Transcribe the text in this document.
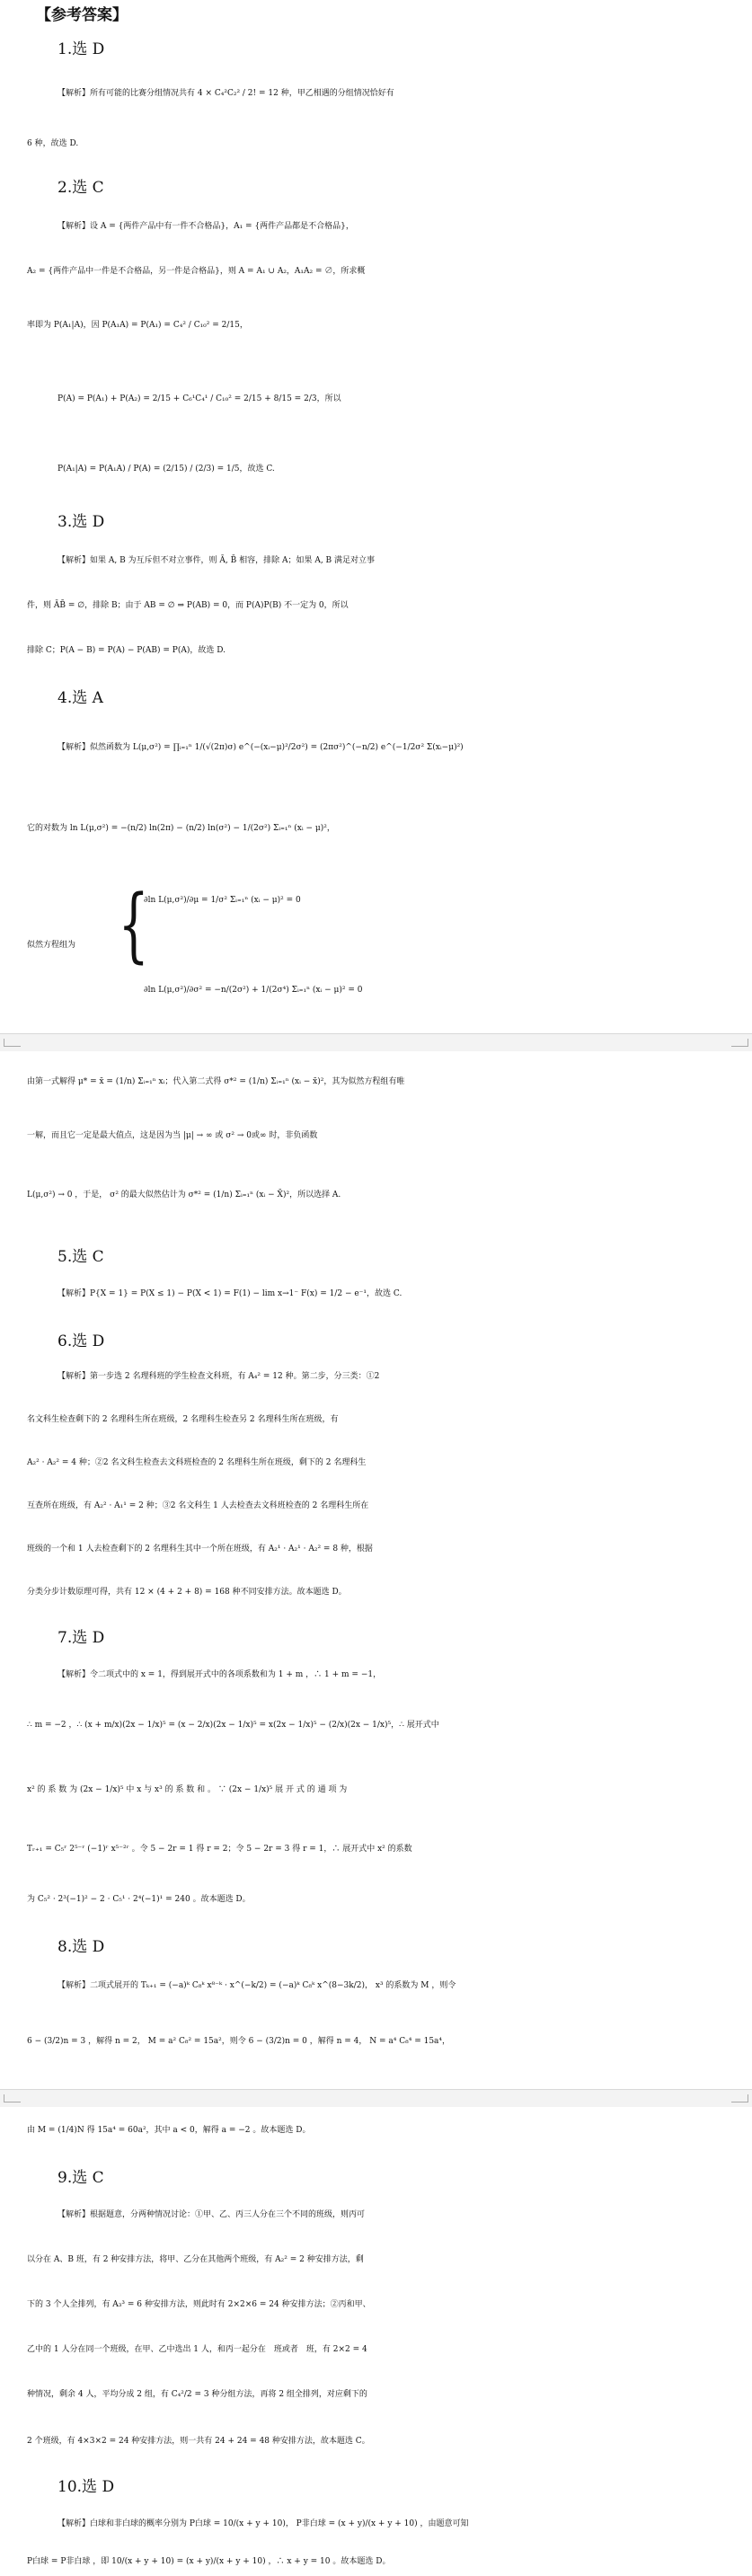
【参考答案】
1.选 D
【解析】所有可能的比赛分组情况共有 4 × C₄²C₂² / 2! = 12 种，甲乙相遇的分组情况恰好有
6 种，故选 D.
2.选 C
【解析】设 A = {两件产品中有一件不合格品}，A₁ = {两件产品都是不合格品}，
A₂ = {两件产品中一件是不合格品，另一件是合格品}，则 A = A₁ ∪ A₂，A₁A₂ = ∅，所求概
率即为 P(A₁|A)，因 P(A₁A) = P(A₁) = C₄² / C₁₀² = 2/15，
P(A) = P(A₁) + P(A₂) = 2/15 + C₆¹C₄¹ / C₁₀² = 2/15 + 8/15 = 2/3，所以
P(A₁|A) = P(A₁A) / P(A) = (2/15) / (2/3) = 1/5，故选 C.
3.选 D
【解析】如果 A, B 为互斥但不对立事件，则 Ā, B̄ 相容，排除 A；如果 A, B 满足对立事
件，则 ĀB̄ = ∅，排除 B；由于 AB = ∅ ⇒ P(AB) = 0，而 P(A)P(B) 不一定为 0，所以
排除 C；P(A − B) = P(A) − P(AB) = P(A)，故选 D.
4.选 A
【解析】似然函数为 L(μ,σ²) = ∏ᵢ₌₁ⁿ 1/(√(2π)σ) e^(−(xᵢ−μ)²/2σ²) = (2πσ²)^(−n/2) e^(−1/2σ² Σ(xᵢ−μ)²)
它的对数为 ln L(μ,σ²) = −(n/2) ln(2π) − (n/2) ln(σ²) − 1/(2σ²) Σᵢ₌₁ⁿ (xᵢ − μ)²，
∂ln L(μ,σ²)/∂μ = 1/σ² Σᵢ₌₁ⁿ (xᵢ − μ)² = 0
似然方程组为 {
∂ln L(μ,σ²)/∂σ² = −n/(2σ²) + 1/(2σ⁴) Σᵢ₌₁ⁿ (xᵢ − μ)² = 0
由第一式解得 μ* = x̄ = (1/n) Σᵢ₌₁ⁿ xᵢ；代入第二式得 σ*² = (1/n) Σᵢ₌₁ⁿ (xᵢ − x̄)²，其为似然方程组有唯
一解，而且它一定是最大值点，这是因为当 |μ| → ∞ 或 σ² → 0或∞ 时，非负函数
L(μ,σ²) → 0 ，于是， σ² 的最大似然估计为 σ*² = (1/n) Σᵢ₌₁ⁿ (xᵢ − X̄)²，所以选择 A.
5.选 C
【解析】P{X = 1} = P(X ≤ 1) − P(X < 1) = F(1) − lim x→1⁻ F(x) = 1/2 − e⁻¹，故选 C.
6.选 D
【解析】第一步选 2 名理科班的学生检查文科班，有 A₄² = 12 种。第二步，分三类：①2
名文科生检查剩下的 2 名理科生所在班级，2 名理科生检查另 2 名理科生所在班级，有
A₂² · A₂² = 4 种；②2 名文科生检查去文科班检查的 2 名理科生所在班级，剩下的 2 名理科生
互查所在班级，有 A₂² · A₁¹ = 2 种；③2 名文科生 1 人去检查去文科班检查的 2 名理科生所在
班级的一个和 1 人去检查剩下的 2 名理科生其中一个所在班级，有 A₂¹ · A₂¹ · A₂² = 8 种，根据
分类分步计数原理可得，共有 12 × (4 + 2 + 8) = 168 种不同安排方法。故本题选 D。
7.选 D
【解析】令二项式中的 x = 1，得到展开式中的各项系数和为 1 + m ，∴ 1 + m = −1，
∴ m = −2 ，∴ (x + m/x)(2x − 1/x)⁵ = (x − 2/x)(2x − 1/x)⁵ = x(2x − 1/x)⁵ − (2/x)(2x − 1/x)⁵，∴ 展开式中
x² 的 系 数 为 (2x − 1/x)⁵ 中 x 与 x³ 的 系 数 和 。 ∵ (2x − 1/x)⁵ 展 开 式 的 通 项 为
Tᵣ₊₁ = C₅ʳ 2⁵⁻ʳ (−1)ʳ x⁵⁻²ʳ 。令 5 − 2r = 1 得 r = 2；令 5 − 2r = 3 得 r = 1，∴ 展开式中 x² 的系数
为 C₅² · 2³(−1)² − 2 · C₅¹ · 2⁴(−1)¹ = 240 。故本题选 D。
8.选 D
【解析】二项式展开的 Tₖ₊₁ = (−a)ᵏ C₈ᵏ x⁸⁻ᵏ · x^(−k/2) = (−a)ᵏ C₈ᵏ x^(8−3k/2)， x³ 的系数为 M ，则令
6 − (3/2)n = 3 ，解得 n = 2， M = a² C₈² = 15a²，则令 6 − (3/2)n = 0 ，解得 n = 4， N = a⁴ C₈⁴ = 15a⁴，
由 M = (1/4)N 得 15a⁴ = 60a²，其中 a < 0，解得 a = −2 。故本题选 D。
9.选 C
【解析】根据题意，分两种情况讨论：①甲、乙、丙三人分在三个不同的班级，则丙可
以分在 A、B 班，有 2 种安排方法，将甲、乙分在其他两个班级，有 A₂² = 2 种安排方法，剩
下的 3 个人全排列，有 A₃³ = 6 种安排方法，则此时有 2×2×6 = 24 种安排方法；②丙和甲、
乙中的 1 人分在同一个班级，在甲、乙中选出 1 人，和丙一起分在　班或者　班，有 2×2 = 4
种情况，剩余 4 人，平均分成 2 组，有 C₄²/2 = 3 种分组方法，再将 2 组全排列，对应剩下的
2 个班级，有 4×3×2 = 24 种安排方法，则一共有 24 + 24 = 48 种安排方法，故本题选 C。
10.选 D
【解析】白球和非白球的概率分别为 P白球 = 10/(x + y + 10)， P非白球 = (x + y)/(x + y + 10) ，由题意可知
P白球 = P非白球 ，即 10/(x + y + 10) = (x + y)/(x + y + 10) ，∴ x + y = 10 。故本题选 D。
